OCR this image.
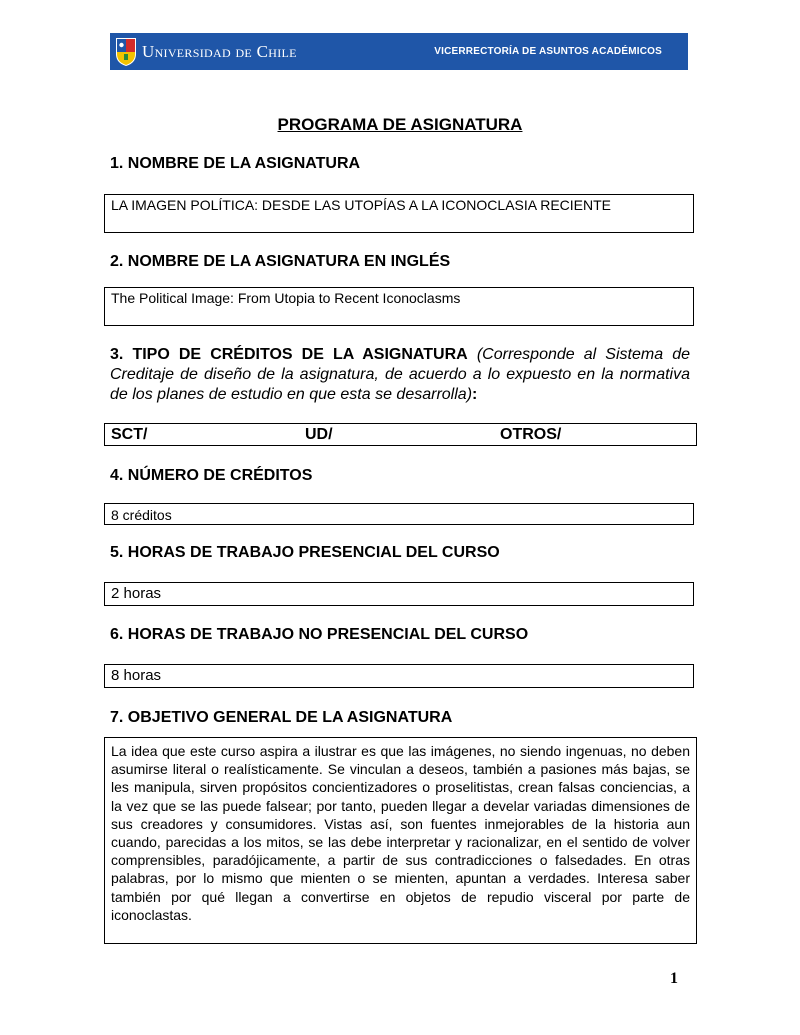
Universidad de Chile	VICERRECTORÍA DE ASUNTOS ACADÉMICOS
PROGRAMA DE ASIGNATURA
1. NOMBRE DE LA ASIGNATURA
LA IMAGEN POLÍTICA: DESDE LAS UTOPÍAS A LA ICONOCLASIA RECIENTE
2. NOMBRE DE LA ASIGNATURA EN INGLÉS
The Political Image: From Utopia to Recent Iconoclasms
3. TIPO DE CRÉDITOS DE LA ASIGNATURA (Corresponde al Sistema de Creditaje de diseño de la asignatura, de acuerdo a lo expuesto en la normativa de los planes de estudio en que esta se desarrolla):
SCT/	UD/	OTROS/
4. NÚMERO DE CRÉDITOS
8 créditos
5. HORAS DE TRABAJO PRESENCIAL DEL CURSO
2 horas
6. HORAS DE TRABAJO NO PRESENCIAL DEL CURSO
8 horas
7. OBJETIVO GENERAL DE LA ASIGNATURA
La idea que este curso aspira a ilustrar es que las imágenes, no siendo ingenuas, no deben asumirse literal o realísticamente. Se vinculan a deseos, también a pasiones más bajas, se les manipula, sirven propósitos concientizadores o proselitistas, crean falsas conciencias, a la vez que se las puede falsear; por tanto, pueden llegar a develar variadas dimensiones de sus creadores y consumidores. Vistas así, son fuentes inmejorables de la historia aun cuando, parecidas a los mitos, se las debe interpretar y racionalizar, en el sentido de volver comprensibles, paradójicamente, a partir de sus contradicciones o falsedades. En otras palabras, por lo mismo que mienten o se mienten, apuntan a verdades. Interesa saber también por qué llegan a convertirse en objetos de repudio visceral por parte de iconoclastas.
1
